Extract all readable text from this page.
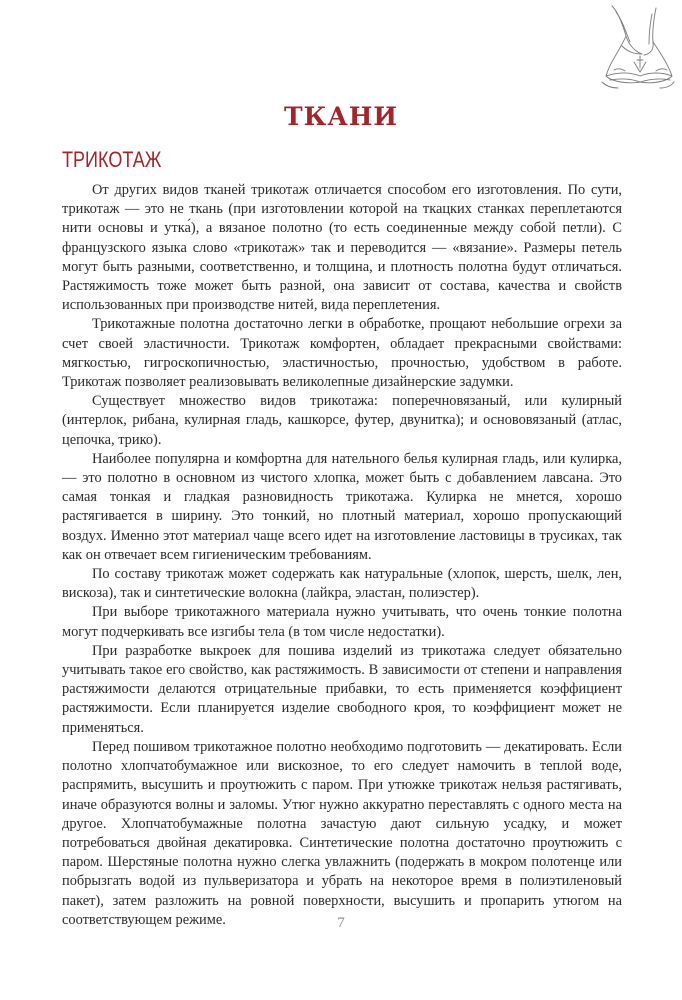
ТКАНИ
ТРИКОТАЖ

От других видов тканей трикотаж отличается способом его изготовления. По сути, трикотаж — это не ткань (при изготовлении которой на ткацких станках переплетаются нити основы и утка́), а вязаное полотно (то есть соединенные между собой петли). С французского языка слово «трикотаж» так и переводится — «вязание». Размеры петель могут быть разными, соответственно, и толщина, и плотность полотна будут отличаться. Растяжимость тоже может быть разной, она зависит от состава, качества и свойств использованных при производстве нитей, вида переплетения.

Трикотажные полотна достаточно легки в обработке, прощают небольшие огрехи за счет своей эластичности. Трикотаж комфортен, обладает прекрасными свойствами: мягкостью, гигроскопичностью, эластичностью, прочностью, удобством в работе. Трикотаж позволяет реализовывать великолепные дизайнерские задумки.

Существует множество видов трикотажа: поперечновязаный, или кулирный (интерлок, рибана, кулирная гладь, кашкорсе, футер, двунитка); и основовязаный (атлас, цепочка, трико).

Наиболее популярна и комфортна для нательного белья кулирная гладь, или кулирка, — это полотно в основном из чистого хлопка, может быть с добавлением лавсана. Это самая тонкая и гладкая разновидность трикотажа. Кулирка не мнется, хорошо растягивается в ширину. Это тонкий, но плотный материал, хорошо пропускающий воздух. Именно этот материал чаще всего идет на изготовление ластовицы в трусиках, так как он отвечает всем гигиеническим требованиям.

По составу трикотаж может содержать как натуральные (хлопок, шерсть, шелк, лен, вискоза), так и синтетические волокна (лайкра, эластан, полиэстер).

При выборе трикотажного материала нужно учитывать, что очень тонкие полотна могут подчеркивать все изгибы тела (в том числе недостатки).

При разработке выкроек для пошива изделий из трикотажа следует обязательно учитывать такое его свойство, как растяжимость. В зависимости от степени и направления растяжимости делаются отрицательные прибавки, то есть применяется коэффициент растяжимости. Если планируется изделие свободного кроя, то коэффициент может не применяться.

Перед пошивом трикотажное полотно необходимо подготовить — декатировать. Если полотно хлопчатобумажное или вискозное, то его следует намочить в теплой воде, распрямить, высушить и проутюжить с паром. При утюжке трикотаж нельзя растягивать, иначе образуются волны и заломы. Утюг нужно аккуратно переставлять с одного места на другое. Хлопчатобумажные полотна зачастую дают сильную усадку, и может потребоваться двойная декатировка. Синтетические полотна достаточно проутюжить с паром. Шерстяные полотна нужно слегка увлажнить (подержать в мокром полотенце или побрызгать водой из пульверизатора и убрать на некоторое время в полиэтиленовый пакет), затем разложить на ровной поверхности, высушить и пропарить утюгом на соответствующем режиме.	7
